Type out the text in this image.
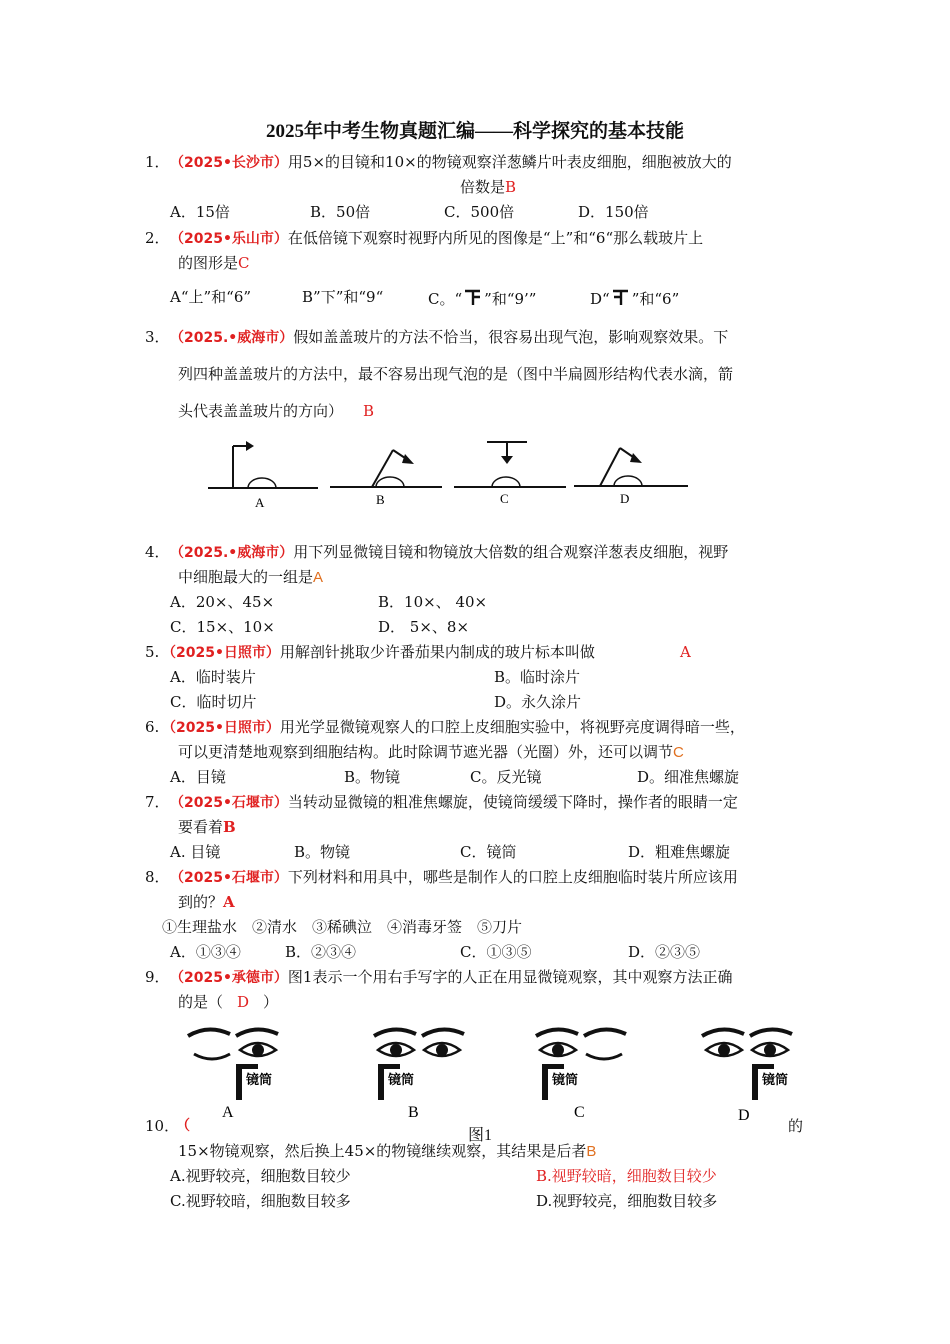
2025年中考生物真题汇编——科学探究的基本技能
1． （2025•长沙市）用5×的目镜和10×的物镜观察洋葱鳞片叶表皮细胞，细胞被放大的
倍数是B
A．15倍	B．50倍	C．500倍	D．150倍
2． （2025•乐山市）在低倍镜下观察时视野内所见的图像是“上”和“6“那么载玻片上
的图形是C
A“上”和“6”	B”下”和“9“	C。“ ”和“9’”	D“ ”和“6”
3． （2025.•威海市）假如盖盖玻片的方法不恰当，很容易出现气泡，影响观察效果。下
列四种盖盖玻片的方法中，最不容易出现气泡的是（图中半扁圆形结构代表水滴，箭
头代表盖盖玻片的方向） B
A	B	C	D
4． （2025.•威海市）用下列显微镜目镜和物镜放大倍数的组合观察洋葱表皮细胞，视野
中细胞最大的一组是A
A．20×、45×	B．10×、 40×
C．15×、10×	D． 5×、8×
5. （2025•日照市）用解剖针挑取少许番茄果内制成的玻片标本叫做	A
A．临时装片	B。临时涂片
C．临时切片	D。永久涂片
6. （2025•日照市）用光学显微镜观察人的口腔上皮细胞实验中，将视野亮度调得暗一些，
可以更清楚地观察到细胞结构。此时除调节遮光器（光圈）外，还可以调节C
A．目镜	B。物镜	C。反光镜	D。细准焦螺旋
7． （2025•石堰市）当转动显微镜的粗准焦螺旋，使镜筒缓缓下降时，操作者的眼睛一定
要看着B
A. 目镜	B。物镜	C．镜筒	D．粗难焦螺旋
8． （2025•石堰市）下列材料和用具中，哪些是制作人的口腔上皮细胞临时装片所应该用
到的？A
①生理盐水　②清水　③稀碘泣　④消毒牙签　⑤刀片
A．①③④	B．②③④	C．①③⑤	D．②③⑤
9． （2025•承德市）图1表示一个用右手写字的人正在用显微镜观察，其中观察方法正确
的是（ D ）
镜筒
A
镜筒
B
镜筒
C
镜筒
D
10．
（
图1
的
15×物镜观察，然后换上45×的物镜继续观察，其结果是后者B
A.视野较亮，细胞数目较少	B.视野较暗，细胞数目较少
C.视野较暗，细胞数目较多	D.视野较亮，细胞数目较多
